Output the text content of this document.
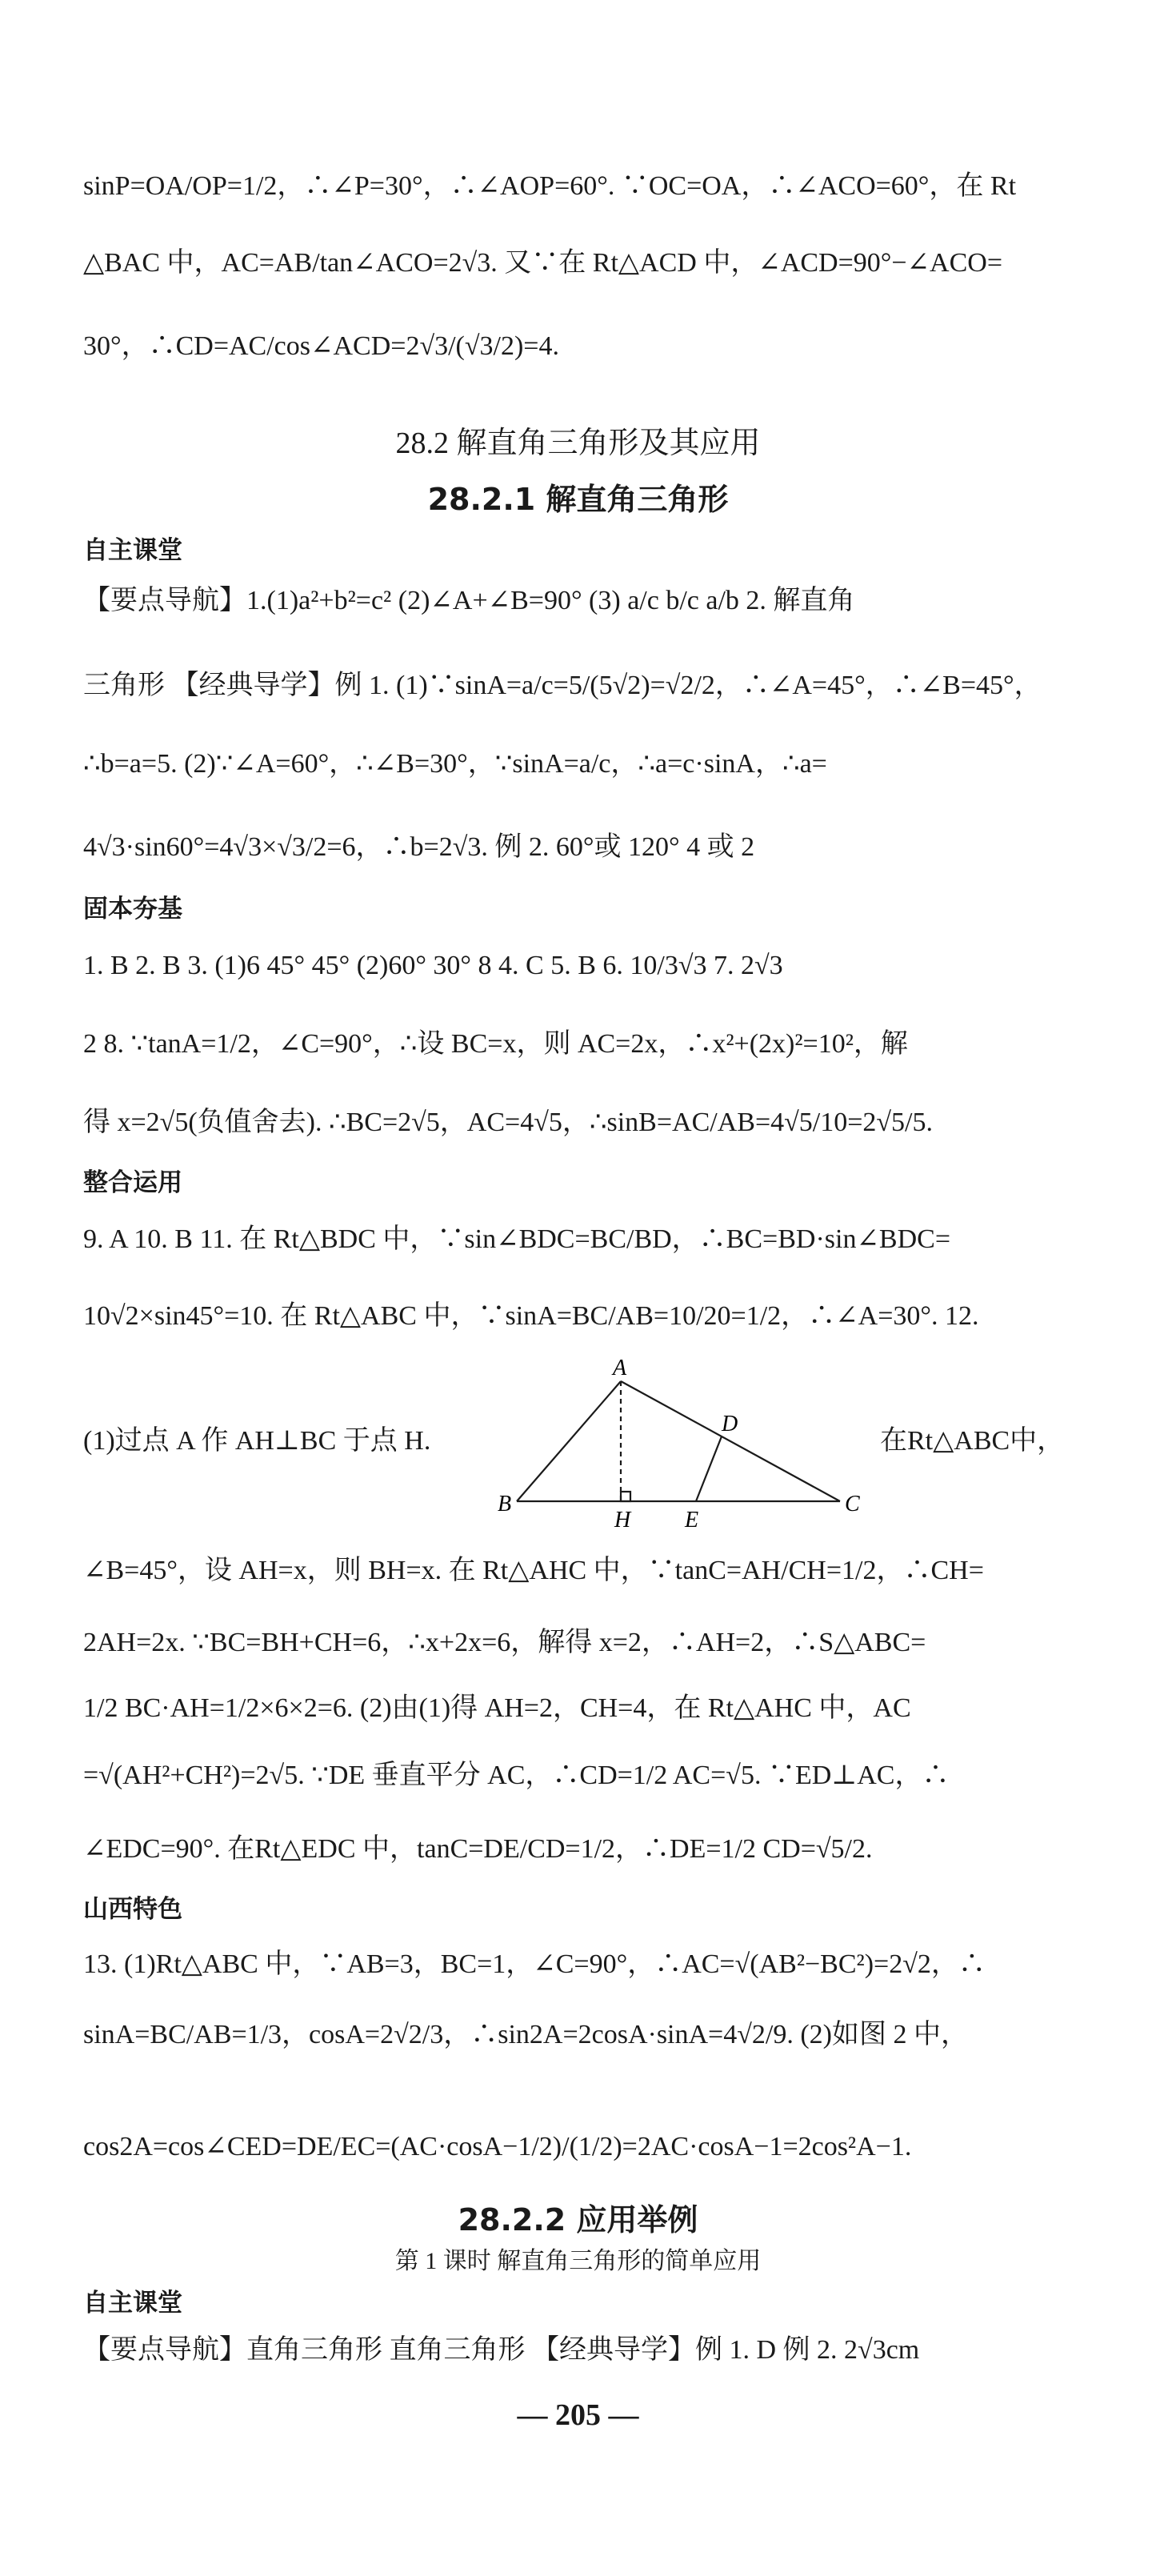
sinP=OA/OP=1/2，∴∠P=30°，∴∠AOP=60°. ∵OC=OA，∴∠ACO=60°，在 Rt
△BAC 中，AC=AB/tan∠ACO=2√3. 又∵在 Rt△ACD 中，∠ACD=90°−∠ACO=
30°，∴CD=AC/cos∠ACD=2√3/(√3/2)=4.
28.2 解直角三角形及其应用
28.2.1 解直角三角形
自主课堂
【要点导航】1.(1)a²+b²=c² (2)∠A+∠B=90° (3) a/c b/c a/b 2. 解直角
三角形 【经典导学】例 1. (1)∵sinA=a/c=5/(5√2)=√2/2，∴∠A=45°，∴∠B=45°，
∴b=a=5. (2)∵∠A=60°，∴∠B=30°，∵sinA=a/c，∴a=c·sinA，∴a=
4√3·sin60°=4√3×√3/2=6，∴b=2√3. 例 2. 60°或 120° 4 或 2
固本夯基
1. B 2. B 3. (1)6 45° 45° (2)60° 30° 8 4. C 5. B 6. 10/3√3 7. 2√3
2 8. ∵tanA=1/2，∠C=90°，∴设 BC=x，则 AC=2x，∴x²+(2x)²=10²，解
得 x=2√5(负值舍去). ∴BC=2√5，AC=4√5，∴sinB=AC/AB=4√5/10=2√5/5.
整合运用
9. A 10. B 11. 在 Rt△BDC 中，∵sin∠BDC=BC/BD，∴BC=BD·sin∠BDC=
10√2×sin45°=10. 在 Rt△ABC 中，∵sinA=BC/AB=10/20=1/2，∴∠A=30°. 12.
(1)过点 A 作 AH⊥BC 于点 H.	在Rt△ABC中，
A
B	C
D
E
H
∠B=45°，设 AH=x，则 BH=x. 在 Rt△AHC 中，∵tanC=AH/CH=1/2，∴CH=
2AH=2x. ∵BC=BH+CH=6，∴x+2x=6，解得 x=2，∴AH=2，∴S△ABC=
1/2 BC·AH=1/2×6×2=6. (2)由(1)得 AH=2，CH=4，在 Rt△AHC 中，AC
=√(AH²+CH²)=2√5. ∵DE 垂直平分 AC，∴CD=1/2 AC=√5. ∵ED⊥AC，∴
∠EDC=90°. 在Rt△EDC 中，tanC=DE/CD=1/2，∴DE=1/2 CD=√5/2.
山西特色
13. (1)Rt△ABC 中，∵AB=3，BC=1，∠C=90°，∴AC=√(AB²−BC²)=2√2，∴
sinA=BC/AB=1/3，cosA=2√2/3，∴sin2A=2cosA·sinA=4√2/9. (2)如图 2 中，
cos2A=cos∠CED=DE/EC=(AC·cosA−1/2)/(1/2)=2AC·cosA−1=2cos²A−1.
28.2.2 应用举例
第 1 课时 解直角三角形的简单应用
自主课堂
【要点导航】直角三角形 直角三角形 【经典导学】例 1. D 例 2. 2√3cm
— 205 —
